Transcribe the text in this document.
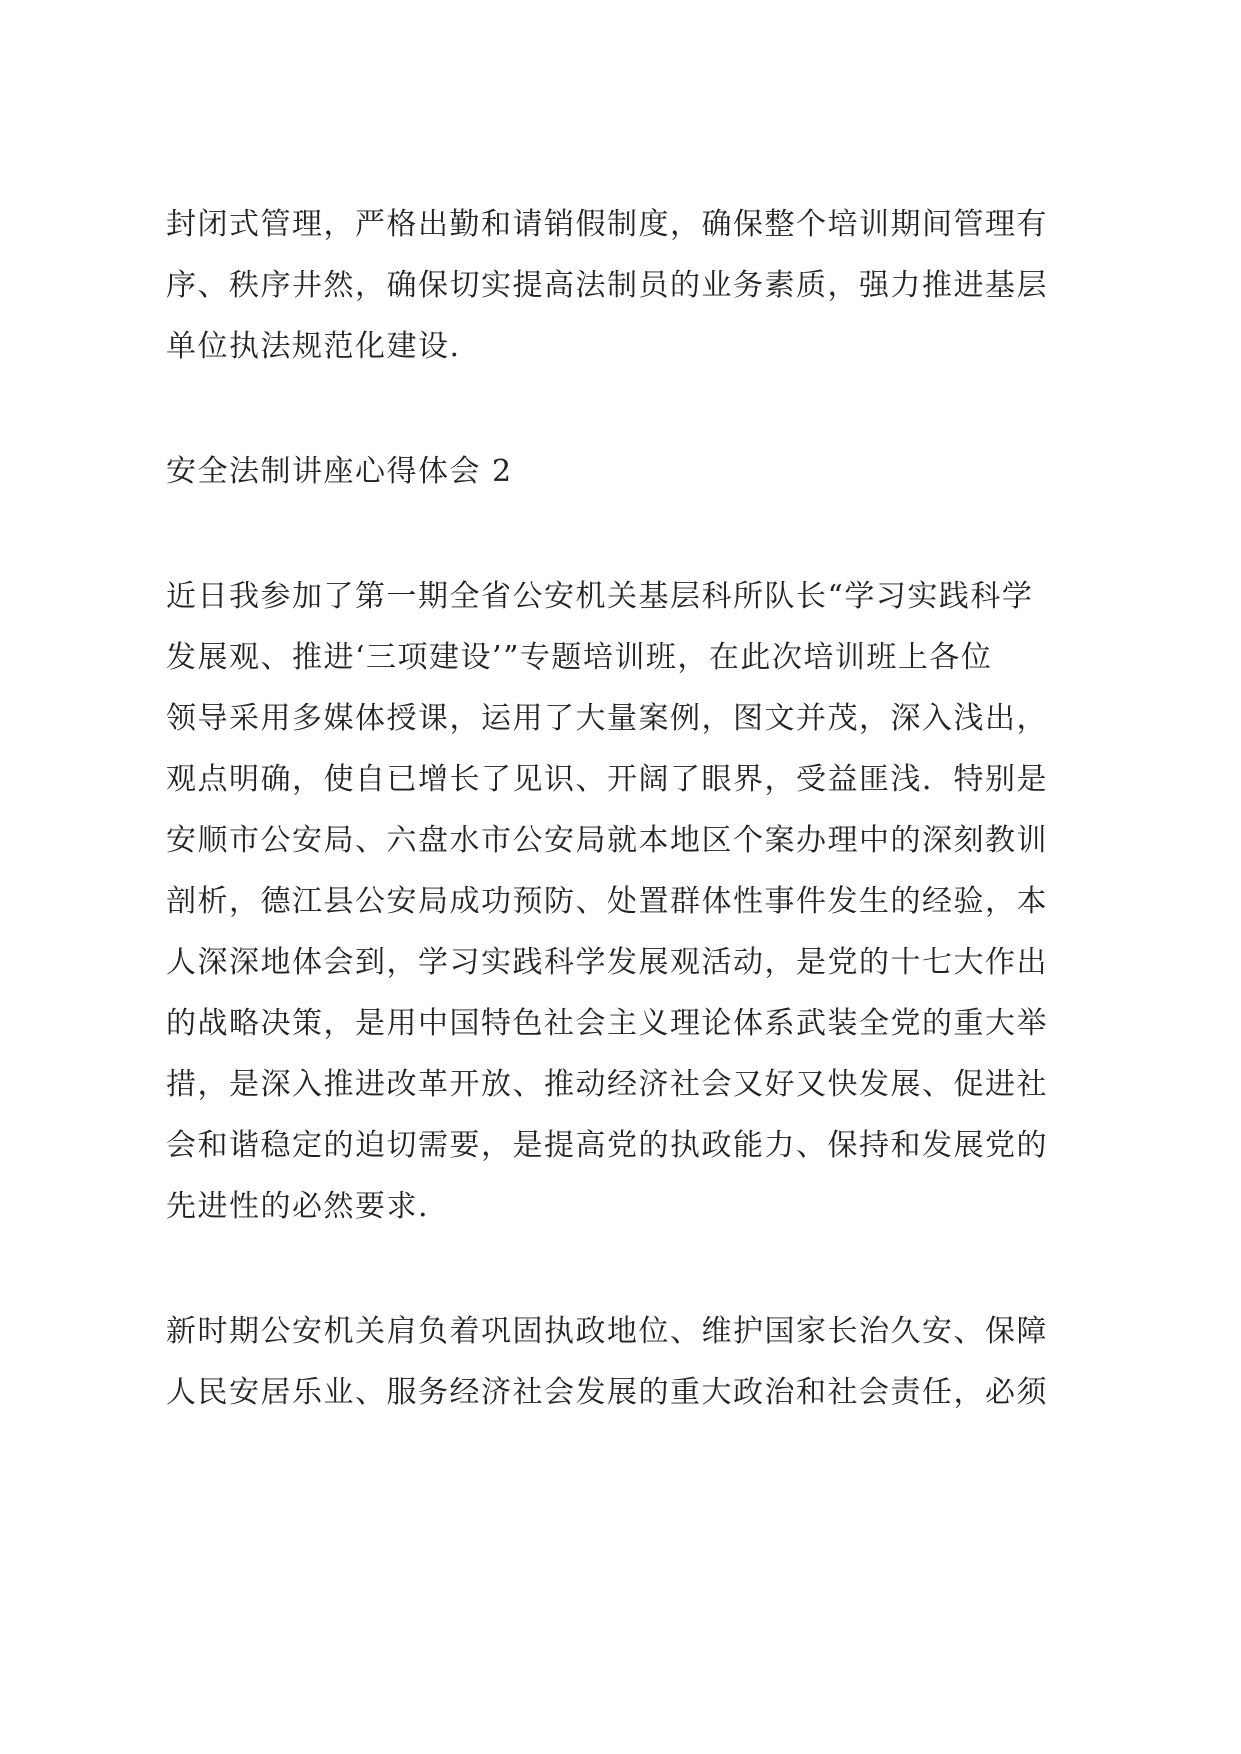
封闭式管理，严格出勤和请销假制度，确保整个培训期间管理有
序、秩序井然，确保切实提高法制员的业务素质，强力推进基层
单位执法规范化建设.

安全法制讲座心得体会 2

近日我参加了第一期全省公安机关基层科所队长“学习实践科学
发展观、推进‘三项建设’”专题培训班，在此次培训班上各位
领导采用多媒体授课，运用了大量案例，图文并茂，深入浅出，
观点明确，使自已增长了见识、开阔了眼界，受益匪浅．特别是
安顺市公安局、六盘水市公安局就本地区个案办理中的深刻教训
剖析，德江县公安局成功预防、处置群体性事件发生的经验，本
人深深地体会到，学习实践科学发展观活动，是党的十七大作出
的战略决策，是用中国特色社会主义理论体系武装全党的重大举
措，是深入推进改革开放、推动经济社会又好又快发展、促进社
会和谐稳定的迫切需要，是提高党的执政能力、保持和发展党的
先进性的必然要求.

新时期公安机关肩负着巩固执政地位、维护国家长治久安、保障
人民安居乐业、服务经济社会发展的重大政治和社会责任，必须
